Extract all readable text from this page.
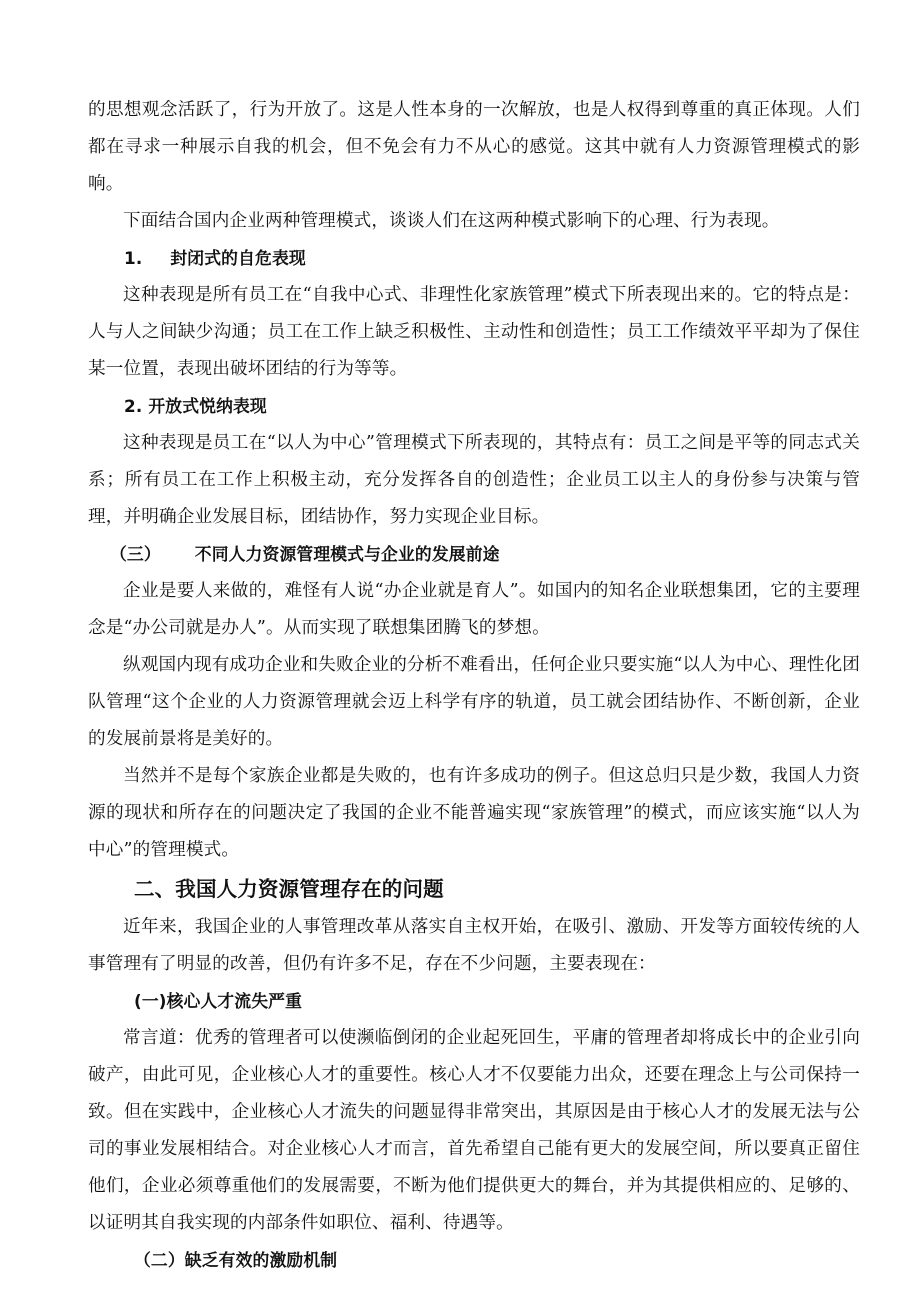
的思想观念活跃了，行为开放了。这是人性本身的一次解放，也是人权得到尊重的真正体现。人们都在寻求一种展示自我的机会，但不免会有力不从心的感觉。这其中就有人力资源管理模式的影响。

下面结合国内企业两种管理模式，谈谈人们在这两种模式影响下的心理、行为表现。

1. 封闭式的自危表现

这种表现是所有员工在“自我中心式、非理性化家族管理”模式下所表现出来的。它的特点是：人与人之间缺少沟通；员工在工作上缺乏积极性、主动性和创造性；员工工作绩效平平却为了保住某一位置，表现出破坏团结的行为等等。

2. 开放式悦纳表现

这种表现是员工在“以人为中心”管理模式下所表现的，其特点有：员工之间是平等的同志式关系；所有员工在工作上积极主动，充分发挥各自的创造性；企业员工以主人的身份参与决策与管理，并明确企业发展目标，团结协作，努力实现企业目标。

（三） 不同人力资源管理模式与企业的发展前途

企业是要人来做的，难怪有人说“办企业就是育人”。如国内的知名企业联想集团，它的主要理念是“办公司就是办人”。从而实现了联想集团腾飞的梦想。

纵观国内现有成功企业和失败企业的分析不难看出，任何企业只要实施“以人为中心、理性化团队管理“这个企业的人力资源管理就会迈上科学有序的轨道，员工就会团结协作、不断创新，企业的发展前景将是美好的。

当然并不是每个家族企业都是失败的，也有许多成功的例子。但这总归只是少数，我国人力资源的现状和所存在的问题决定了我国的企业不能普遍实现“家族管理”的模式，而应该实施“以人为中心”的管理模式。

二、我国人力资源管理存在的问题

近年来，我国企业的人事管理改革从落实自主权开始，在吸引、激励、开发等方面较传统的人事管理有了明显的改善，但仍有许多不足，存在不少问题，主要表现在：

(一)核心人才流失严重

常言道：优秀的管理者可以使濒临倒闭的企业起死回生，平庸的管理者却将成长中的企业引向破产，由此可见，企业核心人才的重要性。核心人才不仅要能力出众，还要在理念上与公司保持一致。但在实践中，企业核心人才流失的问题显得非常突出，其原因是由于核心人才的发展无法与公司的事业发展相结合。对企业核心人才而言，首先希望自己能有更大的发展空间，所以要真正留住他们，企业必须尊重他们的发展需要，不断为他们提供更大的舞台，并为其提供相应的、足够的、以证明其自我实现的内部条件如职位、福利、待遇等。

（二）缺乏有效的激励机制
